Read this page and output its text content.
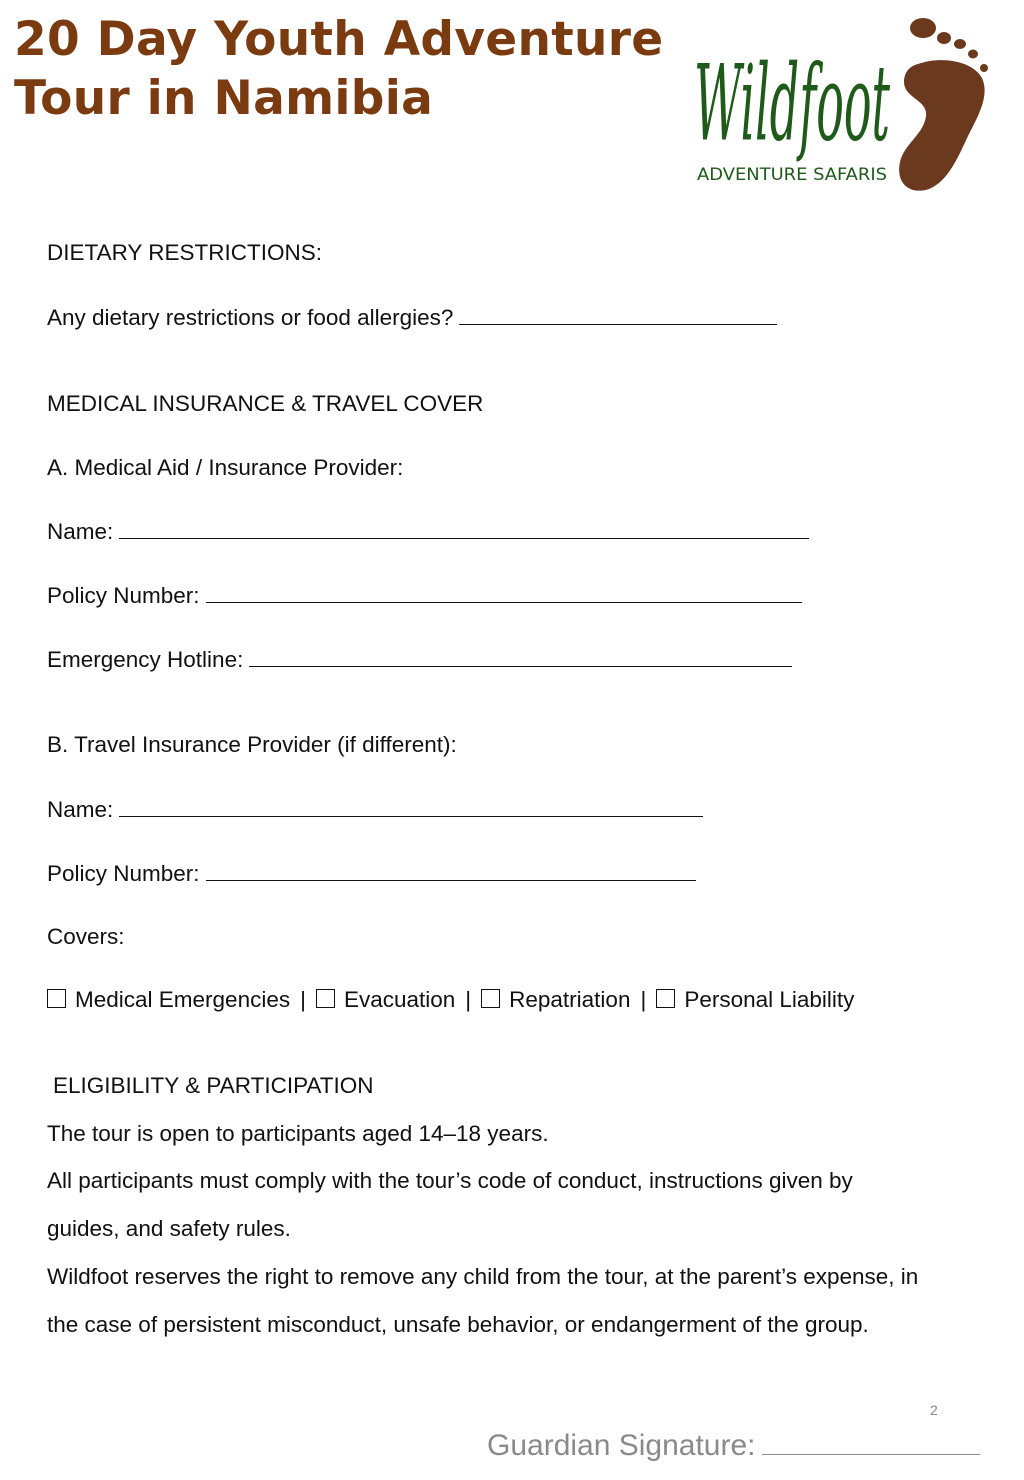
20 Day Youth Adventure
Tour in Namibia	Wildfoot
ADVENTURE SAFARIS
DIETARY RESTRICTIONS:
Any dietary restrictions or food allergies?
MEDICAL INSURANCE & TRAVEL COVER
A. Medical Aid / Insurance Provider:
Name:
Policy Number:
Emergency Hotline:
B. Travel Insurance Provider (if different):
Name:
Policy Number:
Covers:
Medical Emergencies | Evacuation | Repatriation | Personal Liability
ELIGIBILITY & PARTICIPATION
The tour is open to participants aged 14–18 years.
All participants must comply with the tour’s code of conduct, instructions given by
guides, and safety rules.
Wildfoot reserves the right to remove any child from the tour, at the parent’s expense, in
the case of persistent misconduct, unsafe behavior, or endangerment of the group.
2
Guardian Signature:
